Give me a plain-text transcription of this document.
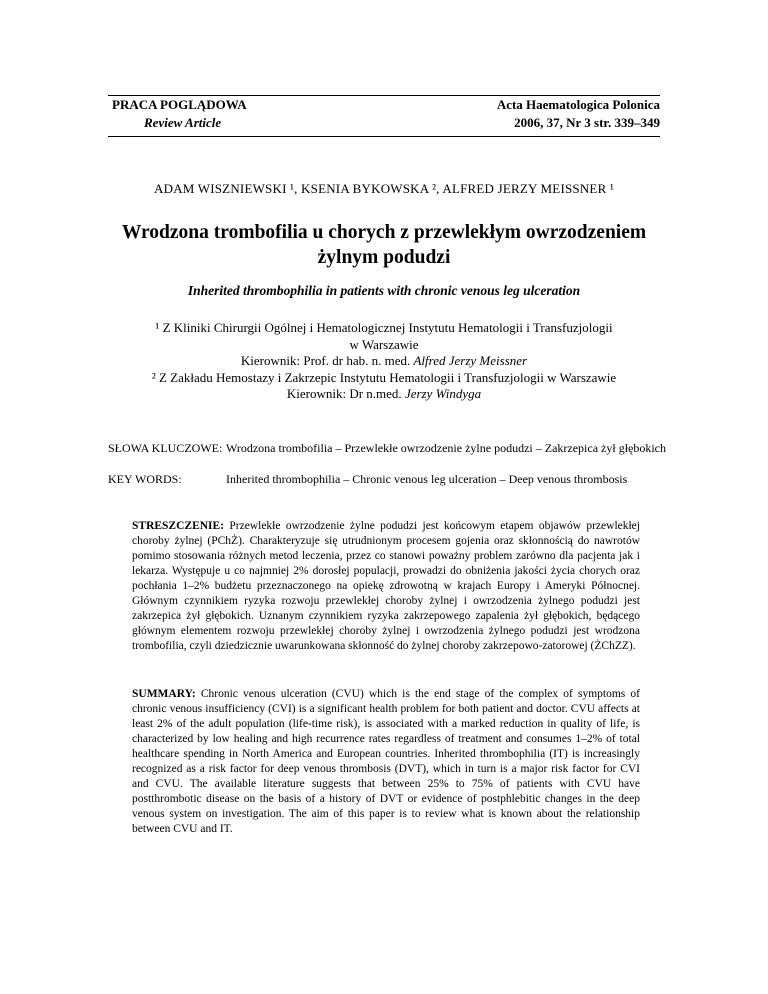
PRACA POGLĄDOWA
Review Article
Acta Haematologica Polonica
2006, 37, Nr 3 str. 339–349
ADAM WISZNIEWSKI ¹, KSENIA BYKOWSKA ², ALFRED JERZY MEISSNER ¹
Wrodzona trombofilia u chorych z przewlekłym owrzodzeniem
żylnym podudzi
Inherited thrombophilia in patients with chronic venous leg ulceration
¹ Z Kliniki Chirurgii Ogólnej i Hematologicznej Instytutu Hematologii i Transfuzjologii
w Warszawie
Kierownik: Prof. dr hab. n. med. Alfred Jerzy Meissner
² Z Zakładu Hemostazy i Zakrzepic Instytutu Hematologii i Transfuzjologii w Warszawie
Kierownik: Dr n.med. Jerzy Windyga
SŁOWA KLUCZOWE: Wrodzona trombofilia – Przewlekłe owrzodzenie żylne podudzi – Zakrzepica żył głębokich
KEY WORDS:	Inherited thrombophilia – Chronic venous leg ulceration – Deep venous thrombosis
STRESZCZENIE: Przewlekłe owrzodzenie żylne podudzi jest końcowym etapem objawów przewlekłej choroby żylnej (PChŻ). Charakteryzuje się utrudnionym procesem gojenia oraz skłonnością do nawrotów pomimo stosowania różnych metod leczenia, przez co stanowi poważny problem zarówno dla pacjenta jak i lekarza. Występuje u co najmniej 2% dorosłej populacji, prowadzi do obniżenia jakości życia chorych oraz pochłania 1–2% budżetu przeznaczonego na opiekę zdrowotną w krajach Europy i Ameryki Północnej. Głównym czynnikiem ryzyka rozwoju przewlekłej choroby żylnej i owrzodzenia żylnego podudzi jest zakrzepica żył głębokich. Uznanym czynnikiem ryzyka zakrzepowego zapalenia żył głębokich, będącego głównym elementem rozwoju przewlekłej choroby żylnej i owrzodzenia żylnego podudzi jest wrodzona trombofilia, czyli dziedzicznie uwarunkowana skłonność do żylnej choroby zakrzepowo-zatorowej (ŻChZZ).
SUMMARY: Chronic venous ulceration (CVU) which is the end stage of the complex of symptoms of chronic venous insufficiency (CVI) is a significant health problem for both patient and doctor. CVU affects at least 2% of the adult population (life-time risk), is associated with a marked reduction in quality of life, is characterized by low healing and high recurrence rates regardless of treatment and consumes 1–2% of total healthcare spending in North America and European countries. Inherited thrombophilia (IT) is increasingly recognized as a risk factor for deep venous thrombosis (DVT), which in turn is a major risk factor for CVI and CVU. The available literature suggests that between 25% to 75% of patients with CVU have postthrombotic disease on the basis of a history of DVT or evidence of postphlebitic changes in the deep venous system on investigation. The aim of this paper is to review what is known about the relationship between CVU and IT.
